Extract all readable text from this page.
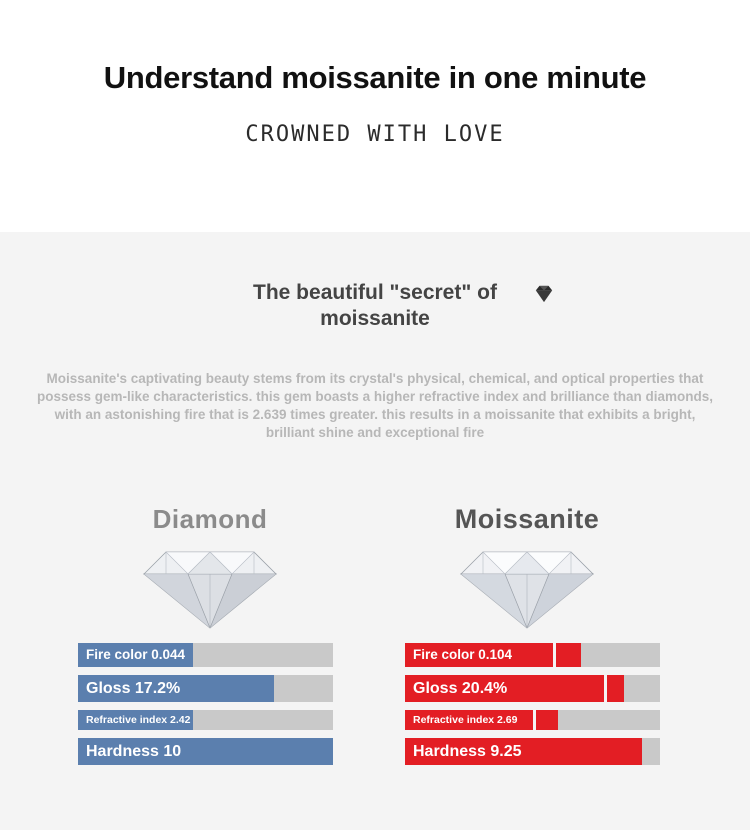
Understand moissanite in one minute
CROWNED WITH LOVE
The beautiful "secret" of moissanite
Moissanite's captivating beauty stems from its crystal's physical, chemical, and optical properties that possess gem-like characteristics. this gem boasts a higher refractive index and brilliance than diamonds, with an astonishing fire that is 2.639 times greater. this results in a moissanite that exhibits a bright, brilliant shine and exceptional fire
Diamond
Fire color 0.044
Gloss 17.2%
Refractive index 2.42
Hardness 10
Moissanite
Fire color 0.104
Gloss 20.4%
Refractive index 2.69
Hardness 9.25
